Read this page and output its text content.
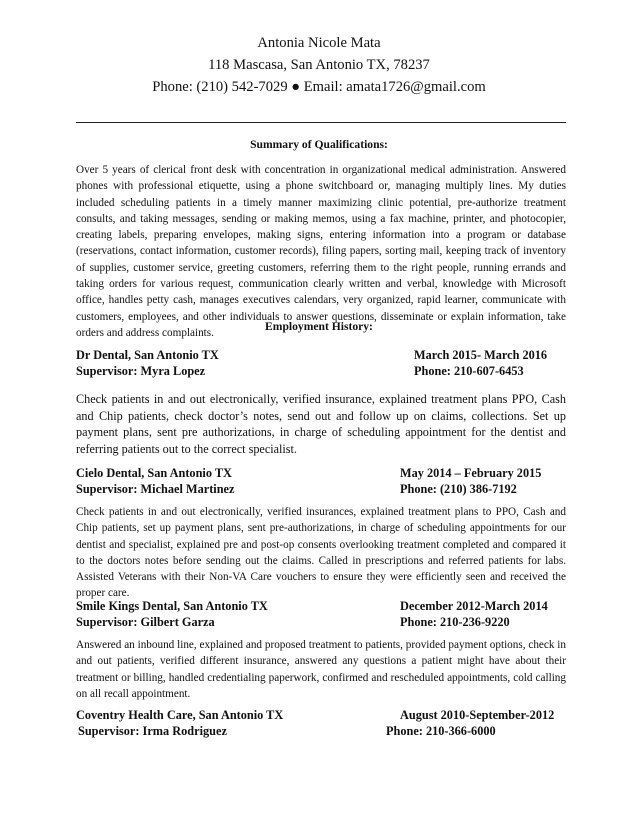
Antonia Nicole Mata
118 Mascasa, San Antonio TX, 78237
Phone: (210) 542-7029 ● Email: amata1726@gmail.com
Summary of Qualifications:
Over 5 years of clerical front desk with concentration in organizational medical administration. Answered phones with professional etiquette, using a phone switchboard or, managing multiply lines. My duties included scheduling patients in a timely manner maximizing clinic potential, pre-authorize treatment consults, and taking messages, sending or making memos, using a fax machine, printer, and photocopier, creating labels, preparing envelopes, making signs, entering information into a program or database (reservations, contact information, customer records), filing papers, sorting mail, keeping track of inventory of supplies, customer service, greeting customers, referring them to the right people, running errands and taking orders for various request, communication clearly written and verbal, knowledge with Microsoft office, handles petty cash, manages executives calendars, very organized, rapid learner, communicate with customers, employees, and other individuals to answer questions, disseminate or explain information, take orders and address complaints.	Employment History:
Dr Dental, San Antonio TX	March 2015- March 2016
Supervisor: Myra Lopez	Phone: 210-607-6453
Check patients in and out electronically, verified insurance, explained treatment plans PPO, Cash and Chip patients, check doctor’s notes, send out and follow up on claims, collections. Set up payment plans, sent pre authorizations, in charge of scheduling appointment for the dentist and referring patients out to the correct specialist.
Cielo Dental, San Antonio TX	May 2014 – February 2015
Supervisor: Michael Martinez	Phone: (210) 386-7192
Check patients in and out electronically, verified insurances, explained treatment plans to PPO, Cash and Chip patients, set up payment plans, sent pre-authorizations, in charge of scheduling appointments for our dentist and specialist, explained pre and post-op consents overlooking treatment completed and compared it to the doctors notes before sending out the claims. Called in prescriptions and referred patients for labs. Assisted Veterans with their Non-VA Care vouchers to ensure they were efficiently seen and received the proper care.
Smile Kings Dental, San Antonio TX	December 2012-March 2014
Supervisor: Gilbert Garza	Phone: 210-236-9220
Answered an inbound line, explained and proposed treatment to patients, provided payment options, check in and out patients, verified different insurance, answered any questions a patient might have about their treatment or billing, handled credentialing paperwork, confirmed and rescheduled appointments, cold calling on all recall appointment.
Coventry Health Care, San Antonio TX	August 2010-September-2012
Supervisor: Irma Rodriguez	Phone: 210-366-6000
